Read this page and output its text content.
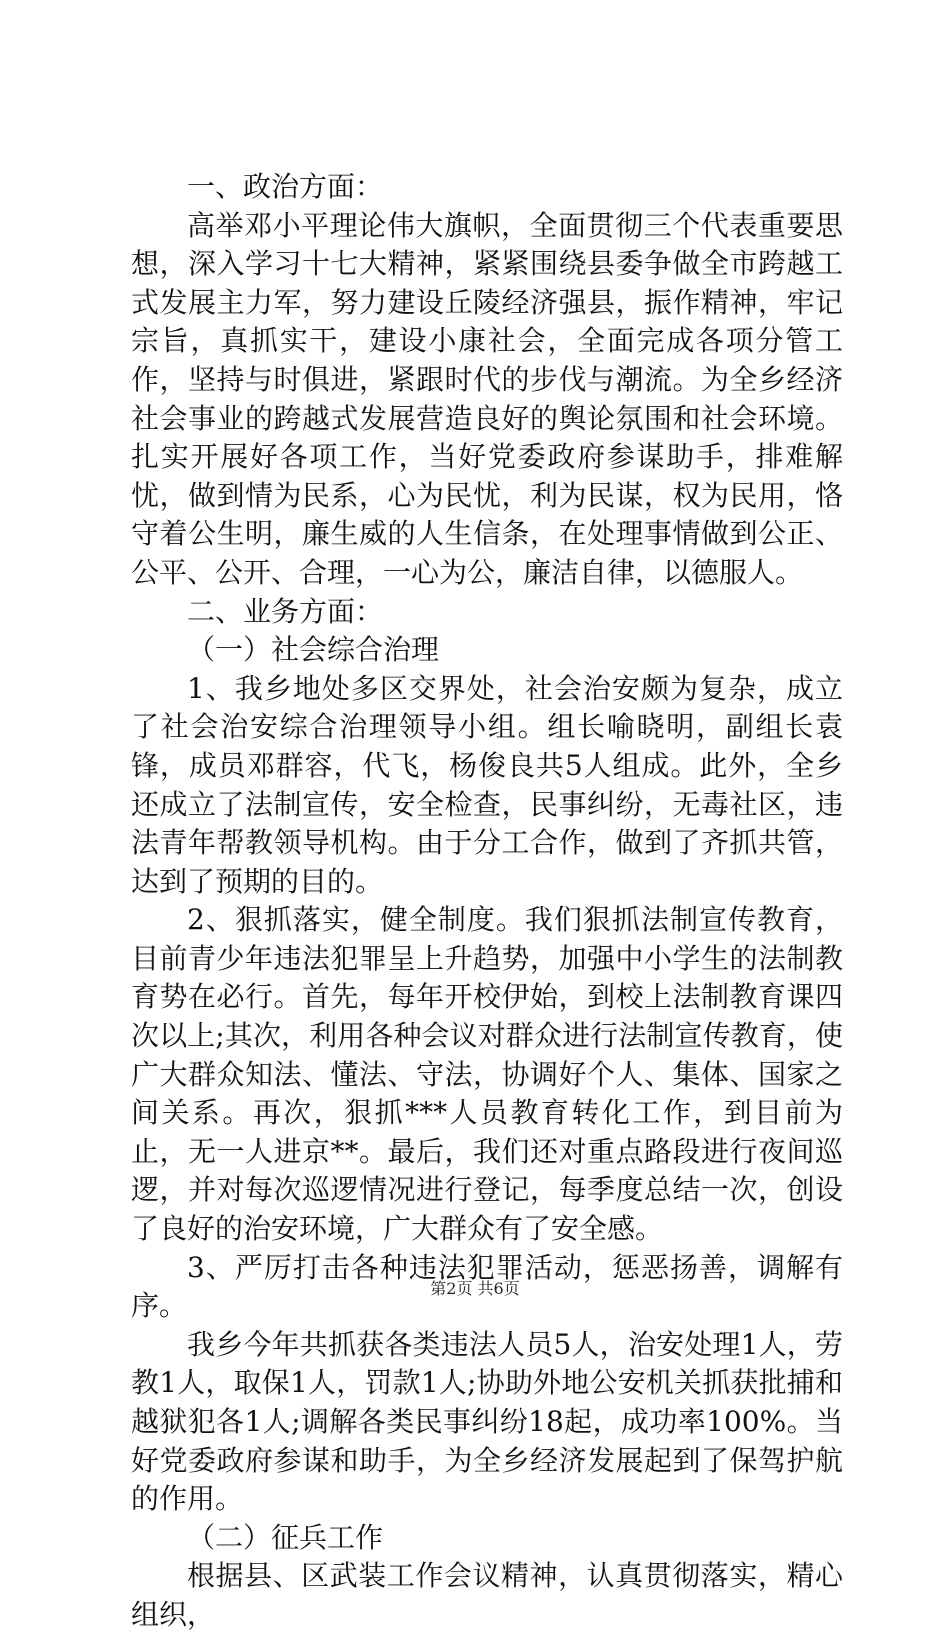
一、政治方面：

高举邓小平理论伟大旗帜，全面贯彻三个代表重要思想，深入学习十七大精神，紧紧围绕县委争做全市跨越工式发展主力军，努力建设丘陵经济强县，振作精神，牢记宗旨，真抓实干，建设小康社会，全面完成各项分管工作，坚持与时俱进，紧跟时代的步伐与潮流。为全乡经济社会事业的跨越式发展营造良好的舆论氛围和社会环境。扎实开展好各项工作，当好党委政府参谋助手，排难解忧，做到情为民系，心为民忧，利为民谋，权为民用，恪守着公生明，廉生威的人生信条，在处理事情做到公正、公平、公开、合理，一心为公，廉洁自律，以德服人。

二、业务方面：

（一）社会综合治理

1、我乡地处多区交界处，社会治安颇为复杂，成立了社会治安综合治理领导小组。组长喻晓明，副组长袁锋，成员邓群容，代飞，杨俊良共5人组成。此外，全乡还成立了法制宣传，安全检查，民事纠纷，无毒社区，违法青年帮教领导机构。由于分工合作，做到了齐抓共管，达到了预期的目的。

2、狠抓落实，健全制度。我们狠抓法制宣传教育，目前青少年违法犯罪呈上升趋势，加强中小学生的法制教育势在必行。首先，每年开校伊始，到校上法制教育课四次以上;其次，利用各种会议对群众进行法制宣传教育，使广大群众知法、懂法、守法，协调好个人、集体、国家之间关系。再次，狠抓***人员教育转化工作，到目前为止，无一人进京**。最后，我们还对重点路段进行夜间巡逻，并对每次巡逻情况进行登记，每季度总结一次，创设了良好的治安环境，广大群众有了安全感。

3、严厉打击各种违法犯罪活动，惩恶扬善，调解有序。

我乡今年共抓获各类违法人员5人，治安处理1人，劳教1人，取保1人，罚款1人;协助外地公安机关抓获批捕和越狱犯各1人;调解各类民事纠纷18起，成功率100%。当好党委政府参谋和助手，为全乡经济发展起到了保驾护航的作用。

（二）征兵工作

根据县、区武装工作会议精神，认真贯彻落实，精心组织，

第2页 共6页
